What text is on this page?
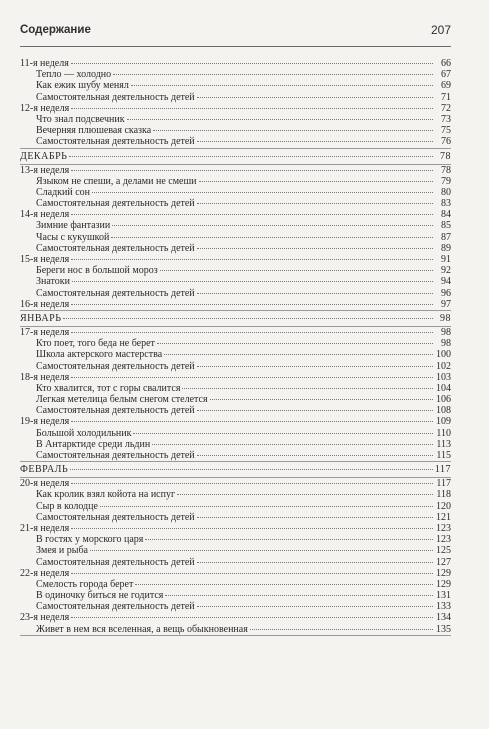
Содержание	207
11-я неделя	66
Тепло — холодно	67
Как ежик шубу менял	69
Самостоятельная деятельность детей	71
12-я неделя	72
Что знал подсвечник	73
Вечерняя плюшевая сказка	75
Самостоятельная деятельность детей	76
ДЕКАБРЬ	78
13-я неделя	78
Языком не спеши, а делами не смеши	79
Сладкий сон	80
Самостоятельная деятельность детей	83
14-я неделя	84
Зимние фантазии	85
Часы с кукушкой	87
Самостоятельная деятельность детей	89
15-я неделя	91
Береги нос в большой мороз	92
Знатоки	94
Самостоятельная деятельность детей	96
16-я неделя	97
ЯНВАРЬ	98
17-я неделя	98
Кто поет, того беда не берет	98
Школа актерского мастерства	100
Самостоятельная деятельность детей	102
18-я неделя	103
Кто хвалится, тот с горы свалится	104
Легкая метелица белым снегом стелется	106
Самостоятельная деятельность детей	108
19-я неделя	109
Большой холодильник	110
В Антарктиде среди льдин	113
Самостоятельная деятельность детей	115
ФЕВРАЛЬ	117
20-я неделя	117
Как кролик взял койота на испуг	118
Сыр в колодце	120
Самостоятельная деятельность детей	121
21-я неделя	123
В гостях у морского царя	123
Змея и рыба	125
Самостоятельная деятельность детей	127
22-я неделя	129
Смелость города берет	129
В одиночку биться не годится	131
Самостоятельная деятельность детей	133
23-я неделя	134
Живет в нем вся вселенная, а вещь обыкновенная	135
